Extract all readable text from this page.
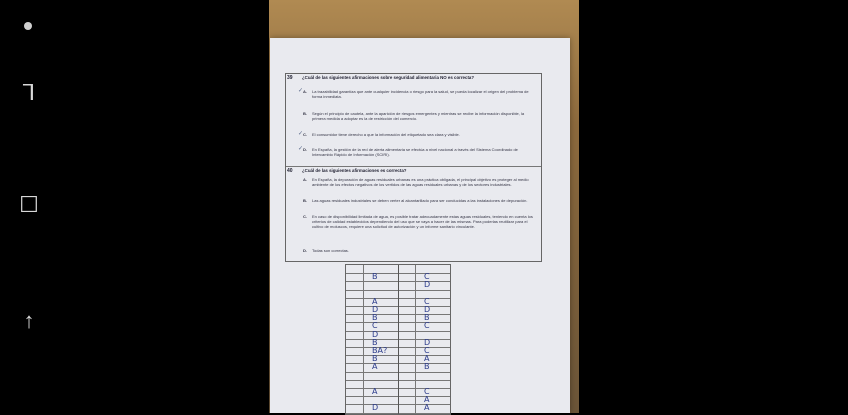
⅂
☐
↑
39	¿Cuál de las siguientes afirmaciones sobre seguridad alimentaria NO es correcta?
✓ A. La trazabilidad garantiza que ante cualquier incidencia o riesgo para la salud, se pueda localizar el origen del problema de forma inmediata.
B. Según el principio de cautela, ante la aparición de riesgos emergentes y mientras se recibe la información disponible, la primera medida a adoptar es la de restricción del comercio.
✓ C. El consumidor tiene derecho a que la información del etiquetado sea clara y visible.
✓ D. En España, la gestión de la red de alerta alimentaria se efectúa a nivel nacional a través del Sistema Coordinado de Intercambio Rápido de Información (SCIRI).
40	¿Cuál de las siguientes afirmaciones es correcta?
A. En España, la depuración de aguas residuales urbanas es una práctica obligada, el principal objetivo es proteger al medio ambiente de los efectos negativos de los vertidos de las aguas residuales urbanas y de los sectores industriales.
B. Las aguas residuales industriales se deben verter al alcantarillado para ser conducidas a las instalaciones de depuración.
C. En caso de disponibilidad limitada de agua, es posible tratar adecuadamente estas aguas residuales, teniendo en cuenta los criterios de calidad establecidos dependiendo del uso que se vaya a hacer de las mismas. Para poderlas reutilizar para el cultivo de moluscos, requiere una solicitud de autorización y un informe sanitario vinculante.
D. Todas son correctas.
B
A
D
B
C
D
B
BA?
B
A
A
D
C
D
C
D
B
C
D
C
A
B
C
A
A
